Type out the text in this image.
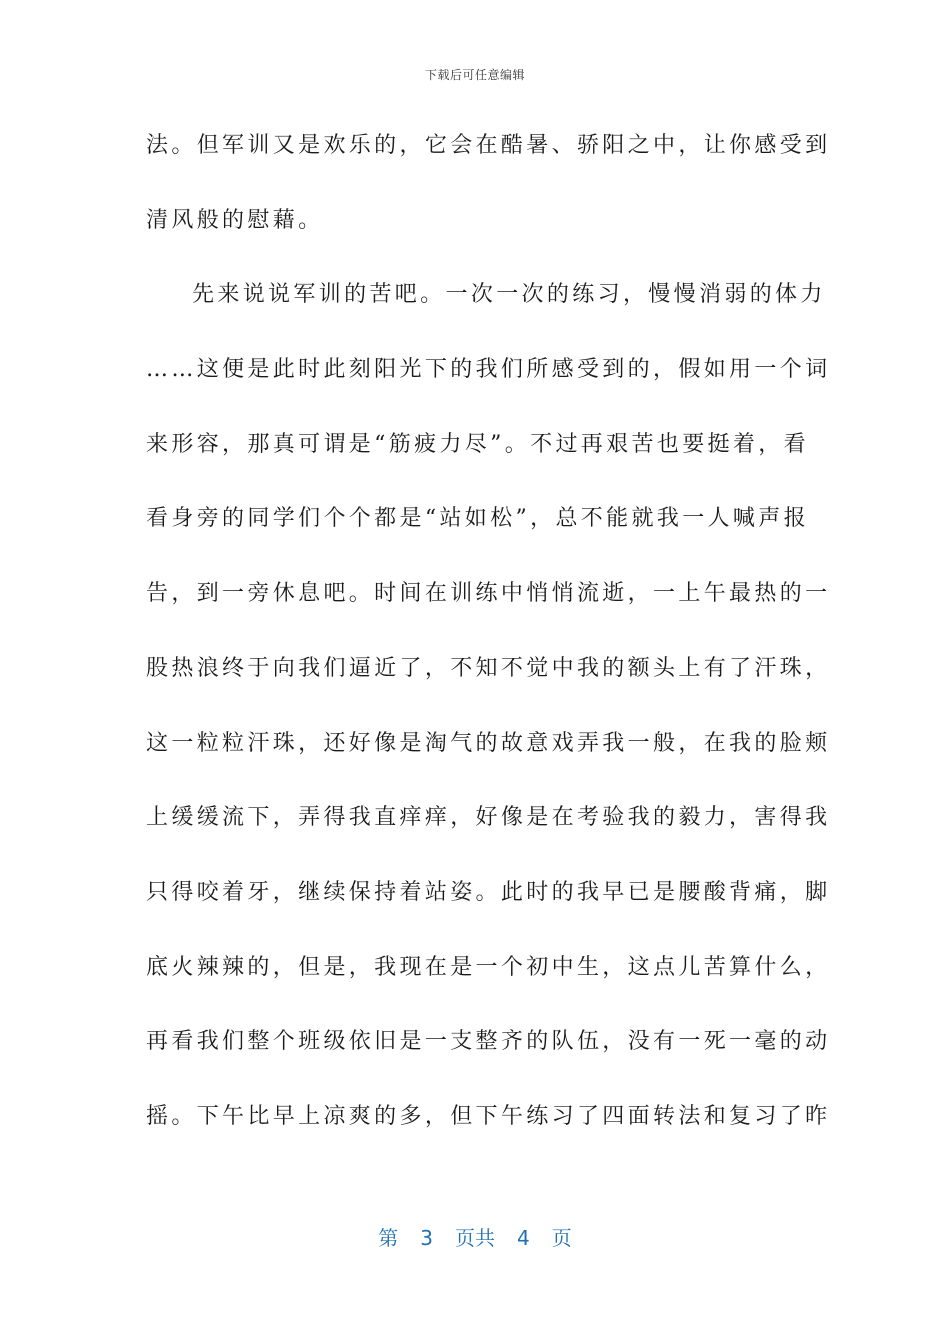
下载后可任意编辑
法。但军训又是欢乐的，它会在酷暑、骄阳之中，让你感受到
清风般的慰藉。
先来说说军训的苦吧。一次一次的练习，慢慢消弱的体力
……这便是此时此刻阳光下的我们所感受到的，假如用一个词
来形容，那真可谓是“筋疲力尽”。不过再艰苦也要挺着，看
看身旁的同学们个个都是“站如松”，总不能就我一人喊声报
告，到一旁休息吧。时间在训练中悄悄流逝，一上午最热的一
股热浪终于向我们逼近了，不知不觉中我的额头上有了汗珠，
这一粒粒汗珠，还好像是淘气的故意戏弄我一般，在我的脸颊
上缓缓流下，弄得我直痒痒，好像是在考验我的毅力，害得我
只得咬着牙，继续保持着站姿。此时的我早已是腰酸背痛，脚
底火辣辣的，但是，我现在是一个初中生，这点儿苦算什么，
再看我们整个班级依旧是一支整齐的队伍，没有一死一毫的动
摇。下午比早上凉爽的多，但下午练习了四面转法和复习了昨
第 3 页共 4 页
